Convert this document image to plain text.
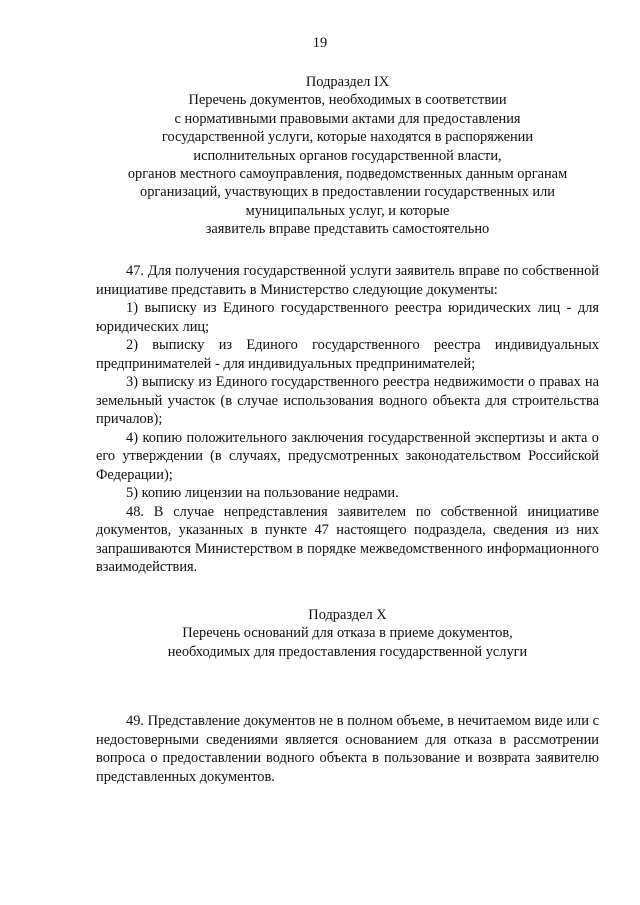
19
Подраздел IX
Перечень документов, необходимых в соответствии
с нормативными правовыми актами для предоставления
государственной услуги, которые находятся в распоряжении
исполнительных органов государственной власти,
органов местного самоуправления, подведомственных данным органам
организаций, участвующих в предоставлении государственных или
муниципальных услуг, и которые
заявитель вправе представить самостоятельно

47. Для получения государственной услуги заявитель вправе по собственной инициативе представить в Министерство следующие документы:

1) выписку из Единого государственного реестра юридических лиц - для юридических лиц;

2) выписку из Единого государственного реестра индивидуальных предпринимателей - для индивидуальных предпринимателей;

3) выписку из Единого государственного реестра недвижимости о правах на земельный участок (в случае использования водного объекта для строительства причалов);

4) копию положительного заключения государственной экспертизы и акта о его утверждении (в случаях, предусмотренных законодательством Российской Федерации);

5) копию лицензии на пользование недрами.

48. В случае непредставления заявителем по собственной инициативе документов, указанных в пункте 47 настоящего подраздела, сведения из них запрашиваются Министерством в порядке межведомственного информационного взаимодействия.

Подраздел X
Перечень оснований для отказа в приеме документов,
необходимых для предоставления государственной услуги

49. Представление документов не в полном объеме, в нечитаемом виде или с недостоверными сведениями является основанием для отказа в рассмотрении вопроса о предоставлении водного объекта в пользование и возврата заявителю представленных документов.
